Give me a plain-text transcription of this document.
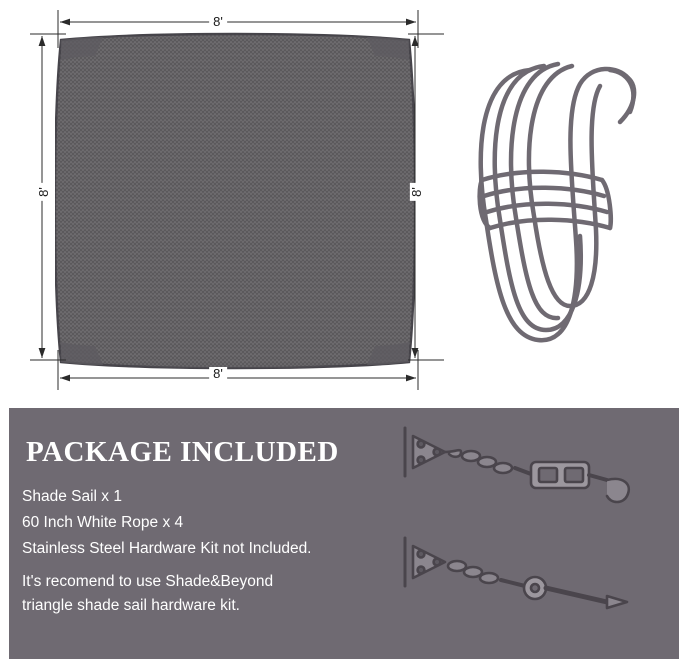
8'
8'
8'	8'
PACKAGE INCLUDED
Shade Sail x 1
60 Inch White Rope x 4
Stainless Steel Hardware Kit not Included.
It's recomend to use Shade&Beyond
triangle shade sail hardware kit.
